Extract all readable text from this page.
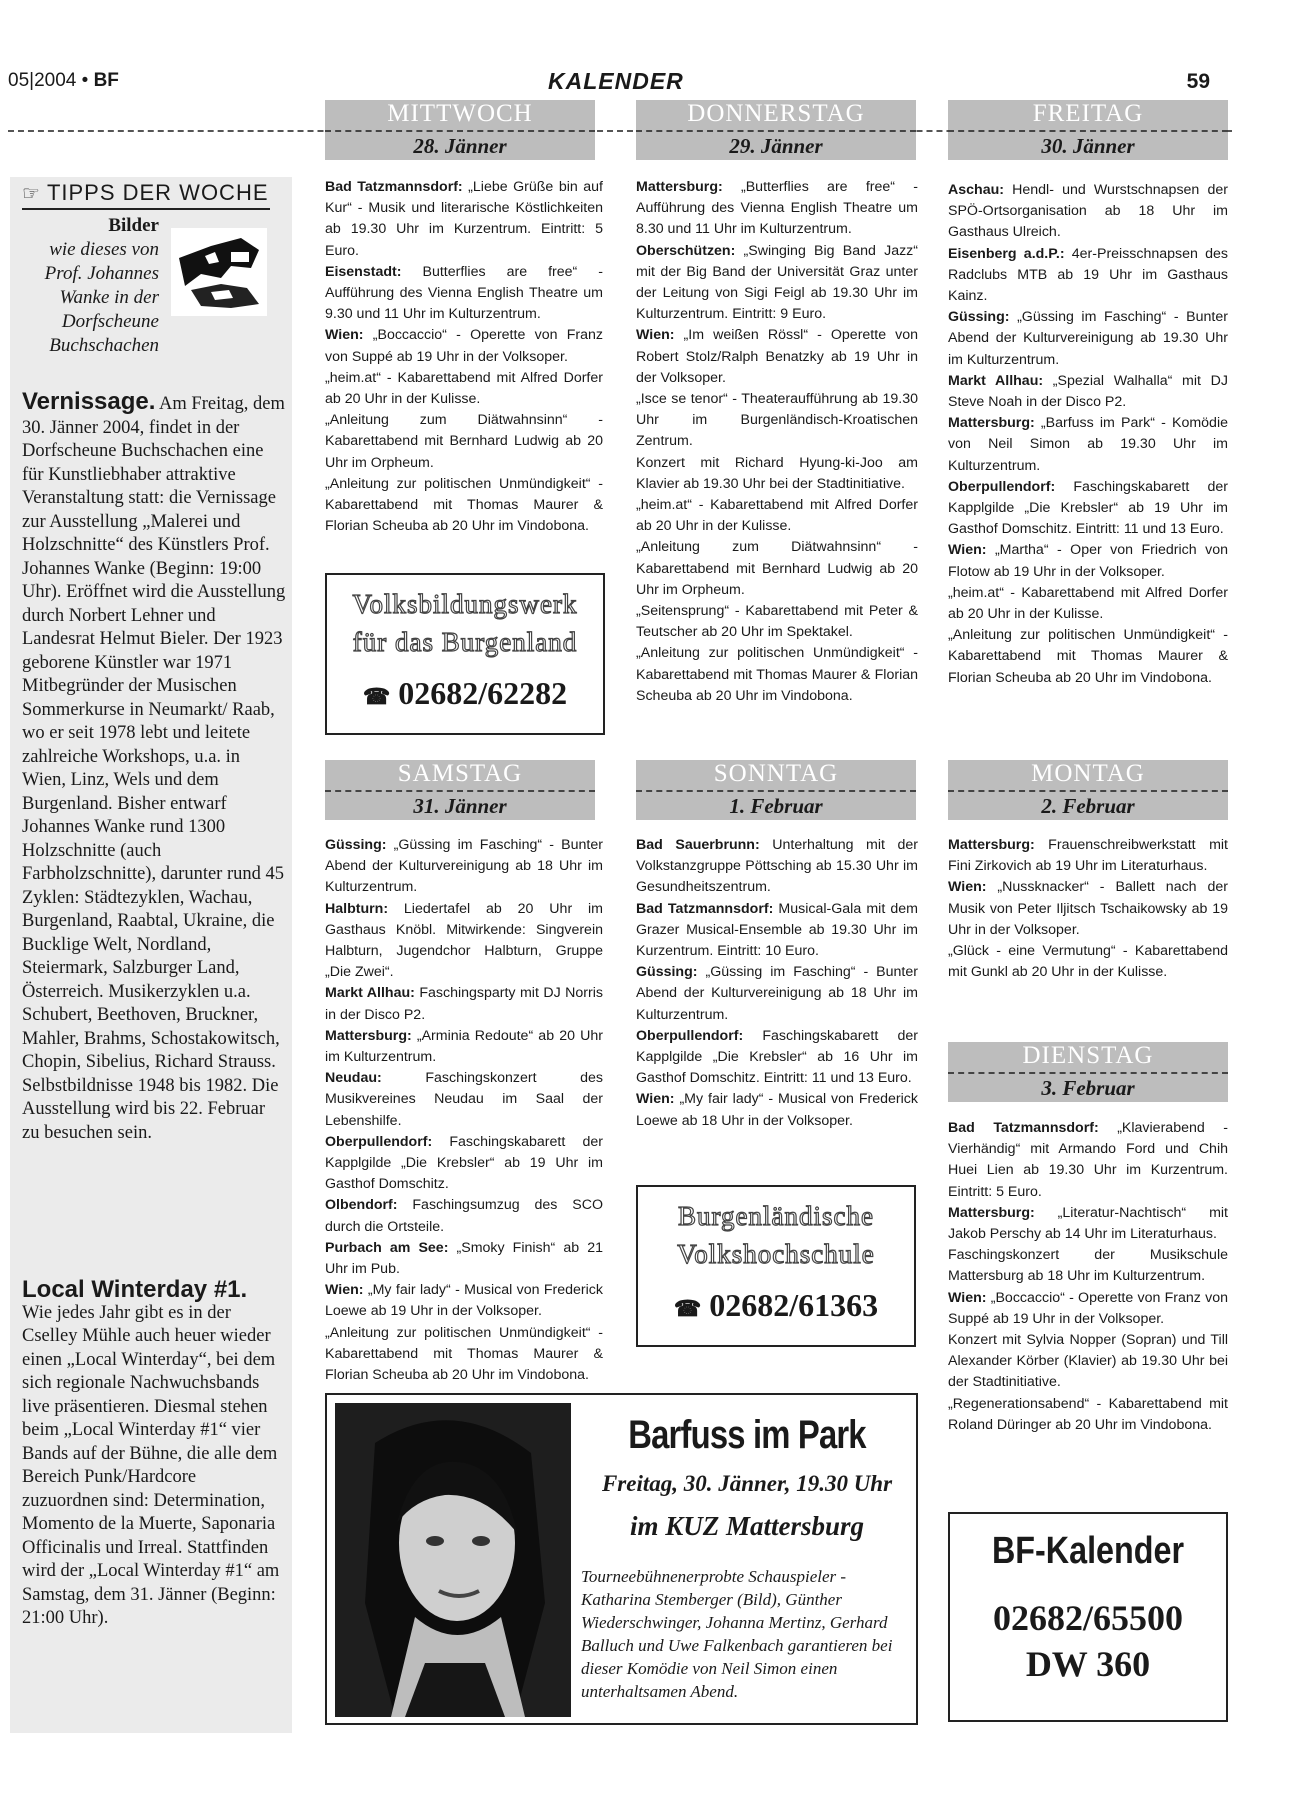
05|2004 • BF	KALENDER	59
MITTWOCH
28. Jänner
DONNERSTAG
29. Jänner
FREITAG
30. Jänner
SAMSTAG
31. Jänner
SONNTAG
1. Februar
MONTAG
2. Februar
DIENSTAG
3. Februar
☞ TIPPS DER WOCHE
Bilder
wie dieses von
Prof. Johannes
Wanke in der
Dorfscheune
Buchschachen
Vernissage. Am Freitag, dem 30. Jänner 2004, findet in der Dorfscheune Buchschachen eine für Kunstliebhaber attraktive Veranstaltung statt: die Vernissage zur Ausstellung „Malerei und Holzschnitte“ des Künstlers Prof. Johannes Wanke (Beginn: 19:00 Uhr). Eröffnet wird die Ausstellung durch Norbert Lehner und Landesrat Helmut Bieler. Der 1923 geborene Künstler war 1971 Mitbegründer der Musischen Sommerkurse in Neumarkt/ Raab, wo er seit 1978 lebt und leitete zahlreiche Workshops, u.a. in Wien, Linz, Wels und dem Burgenland. Bisher entwarf Johannes Wanke rund 1300 Holzschnitte (auch Farbholzschnitte), darunter rund 45 Zyklen: Städtezyklen, Wachau, Burgenland, Raabtal, Ukraine, die Bucklige Welt, Nordland, Steiermark, Salzburger Land, Österreich. Musikerzyklen u.a. Schubert, Beethoven, Bruckner, Mahler, Brahms, Schostakowitsch, Chopin, Sibelius, Richard Strauss. Selbstbildnisse 1948 bis 1982. Die Ausstellung wird bis 22. Februar zu besuchen sein.
Local Winterday #1.
Wie jedes Jahr gibt es in der Cselley Mühle auch heuer wieder einen „Local Winterday“, bei dem sich regionale Nachwuchsbands live präsentieren. Diesmal stehen beim „Local Winterday #1“ vier Bands auf der Bühne, die alle dem Bereich Punk/Hardcore zuzuordnen sind: Determination, Momento de la Muerte, Saponaria Officinalis und Irreal. Stattfinden wird der „Local Winterday #1“ am Samstag, dem 31. Jänner (Beginn: 21:00 Uhr).

Bad Tatzmannsdorf: „Liebe Grüße bin auf Kur“ - Musik und literarische Köstlichkeiten ab 19.30 Uhr im Kurzentrum. Eintritt: 5 Euro.

Eisenstadt: Butterflies are free“ - Aufführung des Vienna English Theatre um 9.30 und 11 Uhr im Kulturzentrum.

Wien: „Boccaccio“ - Operette von Franz von Suppé ab 19 Uhr in der Volksoper.

„heim.at“ - Kabarettabend mit Alfred Dorfer ab 20 Uhr in der Kulisse.

„Anleitung zum Diätwahnsinn“ - Kabarettabend mit Bernhard Ludwig ab 20 Uhr im Orpheum.

„Anleitung zur politischen Unmündigkeit“ - Kabarettabend mit Thomas Maurer & Florian Scheuba ab 20 Uhr im Vindobona.

Mattersburg: „Butterflies are free“ - Aufführung des Vienna English Theatre um 8.30 und 11 Uhr im Kulturzentrum.

Oberschützen: „Swinging Big Band Jazz“ mit der Big Band der Universität Graz unter der Leitung von Sigi Feigl ab 19.30 Uhr im Kulturzentrum. Eintritt: 9 Euro.

Wien: „Im weißen Rössl“ - Operette von Robert Stolz/Ralph Benatzky ab 19 Uhr in der Volksoper.

„Isce se tenor“ - Theateraufführung ab 19.30 Uhr im Burgenländisch-Kroatischen Zentrum.

Konzert mit Richard Hyung-ki-Joo am Klavier ab 19.30 Uhr bei der Stadtinitiative.

„heim.at“ - Kabarettabend mit Alfred Dorfer ab 20 Uhr in der Kulisse.

„Anleitung zum Diätwahnsinn“ - Kabarettabend mit Bernhard Ludwig ab 20 Uhr im Orpheum.

„Seitensprung“ - Kabarettabend mit Peter & Teutscher ab 20 Uhr im Spektakel.

„Anleitung zur politischen Unmündigkeit“ - Kabarettabend mit Thomas Maurer & Florian Scheuba ab 20 Uhr im Vindobona.

Aschau: Hendl- und Wurstschnapsen der SPÖ-Ortsorganisation ab 18 Uhr im Gasthaus Ulreich.

Eisenberg a.d.P.: 4er-Preisschnapsen des Radclubs MTB ab 19 Uhr im Gasthaus Kainz.

Güssing: „Güssing im Fasching“ - Bunter Abend der Kulturvereinigung ab 19.30 Uhr im Kulturzentrum.

Markt Allhau: „Spezial Walhalla“ mit DJ Steve Noah in der Disco P2.

Mattersburg: „Barfuss im Park“ - Komödie von Neil Simon ab 19.30 Uhr im Kulturzentrum.

Oberpullendorf: Faschingskabarett der Kapplgilde „Die Krebsler“ ab 19 Uhr im Gasthof Domschitz. Eintritt: 11 und 13 Euro.

Wien: „Martha“ - Oper von Friedrich von Flotow ab 19 Uhr in der Volksoper.

„heim.at“ - Kabarettabend mit Alfred Dorfer ab 20 Uhr in der Kulisse.

„Anleitung zur politischen Unmündigkeit“ - Kabarettabend mit Thomas Maurer & Florian Scheuba ab 20 Uhr im Vindobona.

Güssing: „Güssing im Fasching“ - Bunter Abend der Kulturvereinigung ab 18 Uhr im Kulturzentrum.

Halbturn: Liedertafel ab 20 Uhr im Gasthaus Knöbl. Mitwirkende: Singverein Halbturn, Jugendchor Halbturn, Gruppe „Die Zwei“.

Markt Allhau: Faschingsparty mit DJ Norris in der Disco P2.

Mattersburg: „Arminia Redoute“ ab 20 Uhr im Kulturzentrum.

Neudau: Faschingskonzert des Musikvereines Neudau im Saal der Lebenshilfe.

Oberpullendorf: Faschingskabarett der Kapplgilde „Die Krebsler“ ab 19 Uhr im Gasthof Domschitz.

Olbendorf: Faschingsumzug des SCO durch die Ortsteile.

Purbach am See: „Smoky Finish“ ab 21 Uhr im Pub.

Wien: „My fair lady“ - Musical von Frederick Loewe ab 19 Uhr in der Volksoper.

„Anleitung zur politischen Unmündigkeit“ - Kabarettabend mit Thomas Maurer & Florian Scheuba ab 20 Uhr im Vindobona.

Bad Sauerbrunn: Unterhaltung mit der Volkstanzgruppe Pöttsching ab 15.30 Uhr im Gesundheitszentrum.

Bad Tatzmannsdorf: Musical-Gala mit dem Grazer Musical-Ensemble ab 19.30 Uhr im Kurzentrum. Eintritt: 10 Euro.

Güssing: „Güssing im Fasching“ - Bunter Abend der Kulturvereinigung ab 18 Uhr im Kulturzentrum.

Oberpullendorf: Faschingskabarett der Kapplgilde „Die Krebsler“ ab 16 Uhr im Gasthof Domschitz. Eintritt: 11 und 13 Euro.

Wien: „My fair lady“ - Musical von Frederick Loewe ab 18 Uhr in der Volksoper.

Mattersburg: Frauenschreibwerkstatt mit Fini Zirkovich ab 19 Uhr im Literaturhaus.

Wien: „Nussknacker“ - Ballett nach der Musik von Peter Iljitsch Tschaikowsky ab 19 Uhr in der Volksoper.

„Glück - eine Vermutung“ - Kabarettabend mit Gunkl ab 20 Uhr in der Kulisse.

Bad Tatzmannsdorf: „Klavierabend - Vierhändig“ mit Armando Ford und Chih Huei Lien ab 19.30 Uhr im Kurzentrum. Eintritt: 5 Euro.

Mattersburg: „Literatur-Nachtisch“ mit Jakob Perschy ab 14 Uhr im Literaturhaus.

Faschingskonzert der Musikschule Mattersburg ab 18 Uhr im Kulturzentrum.

Wien: „Boccaccio“ - Operette von Franz von Suppé ab 19 Uhr in der Volksoper.

Konzert mit Sylvia Nopper (Sopran) und Till Alexander Körber (Klavier) ab 19.30 Uhr bei der Stadtinitiative.

„Regenerationsabend“ - Kabarettabend mit Roland Düringer ab 20 Uhr im Vindobona.

Volksbildungswerk
für das Burgenland
☎ 02682/62282
Burgenländische
Volkshochschule
☎ 02682/61363
Barfuss im Park
Freitag, 30. Jänner, 19.30 Uhr
im KUZ Mattersburg
Tourneebühnenerprobte Schauspieler - Katharina Stemberger (Bild), Günther Wiederschwinger, Johanna Mertinz, Gerhard Balluch und Uwe Falkenbach garantieren bei dieser Komödie von Neil Simon einen unterhaltsamen Abend.
BF-Kalender
02682/65500
DW 360
